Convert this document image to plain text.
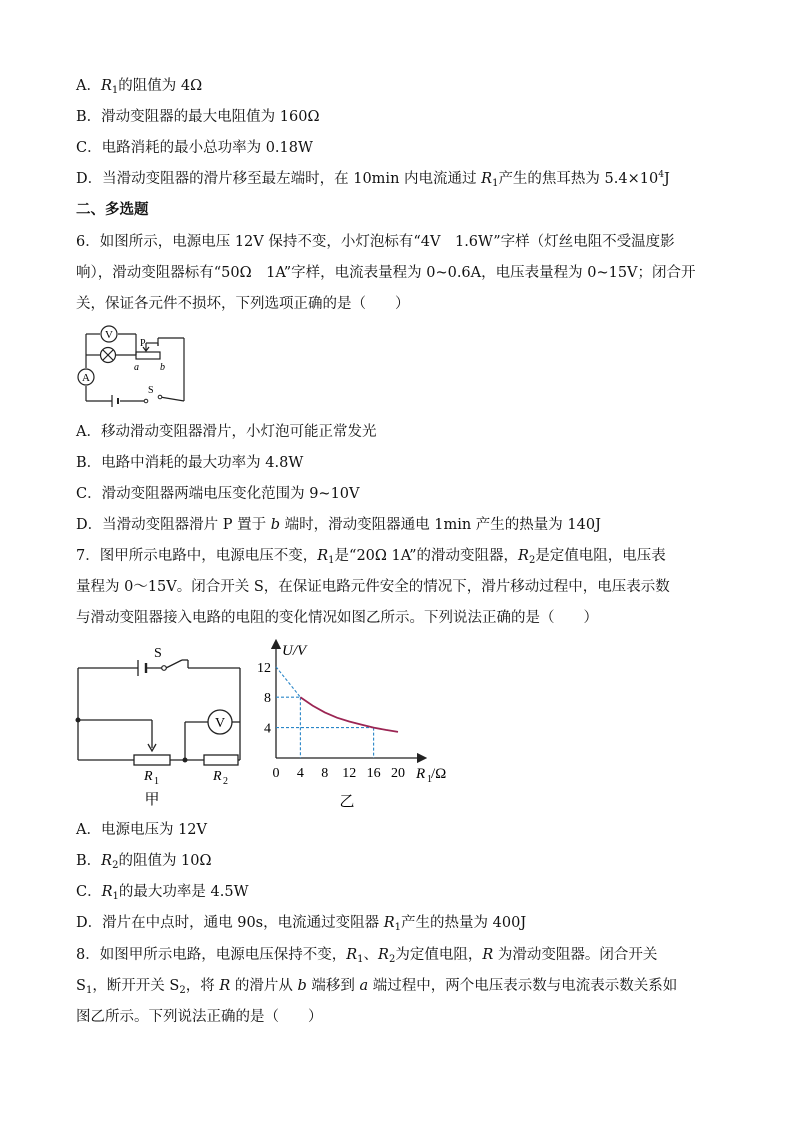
A．$R_1$的阻值为 4Ω
B．滑动变阻器的最大电阻值为 160Ω
C．电路消耗的最小总功率为 0.18W
D．当滑动变阻器的滑片移至最左端时，在 10min 内电流通过 $R_1$产生的焦耳热为 $5.4\times 10^4J$
二、多选题
6．如图所示，电源电压 12V 保持不变，小灯泡标有“4V　1.6W”字样（灯丝电阻不受温度影
响），滑动变阻器标有“50Ω　1A”字样，电流表量程为 0~0.6A，电压表量程为 0~15V；闭合开
关，保证各元件不损坏，下列选项正确的是（　　）
V
A
P
a b
S
A．移动滑动变阻器滑片，小灯泡可能正常发光
B．电路中消耗的最大功率为 4.8W
C．滑动变阻器两端电压变化范围为 9~10V
D．当滑动变阻器滑片 P 置于 b 端时，滑动变阻器通电 1min 产生的热量为 140J
7．图甲所示电路中，电源电压不变，$R_1$是“20Ω 1A”的滑动变阻器，$R_2$是定值电阻，电压表
量程为 0～15V。闭合开关 S，在保证电路元件安全的情况下，滑片移动过程中，电压表示数
与滑动变阻器接入电路的电阻的变化情况如图乙所示。下列说法正确的是（　　）
V
S
R 1	R 2
甲
0 4 8 12 16 20
4
8
12
U/V
R 1 /Ω
乙
A．电源电压为 12V
B．$R_2$的阻值为 10Ω
C．$R_1$的最大功率是 4.5W
D．滑片在中点时，通电 90s，电流通过变阻器 $R_1$产生的热量为 400J
8．如图甲所示电路，电源电压保持不变，$R_1$、$R_2$为定值电阻，R 为滑动变阻器。闭合开关
$S_1$，断开开关 $S_2$，将 R 的滑片从 b 端移到 a 端过程中，两个电压表示数与电流表示数关系如
图乙所示。下列说法正确的是（　　）
